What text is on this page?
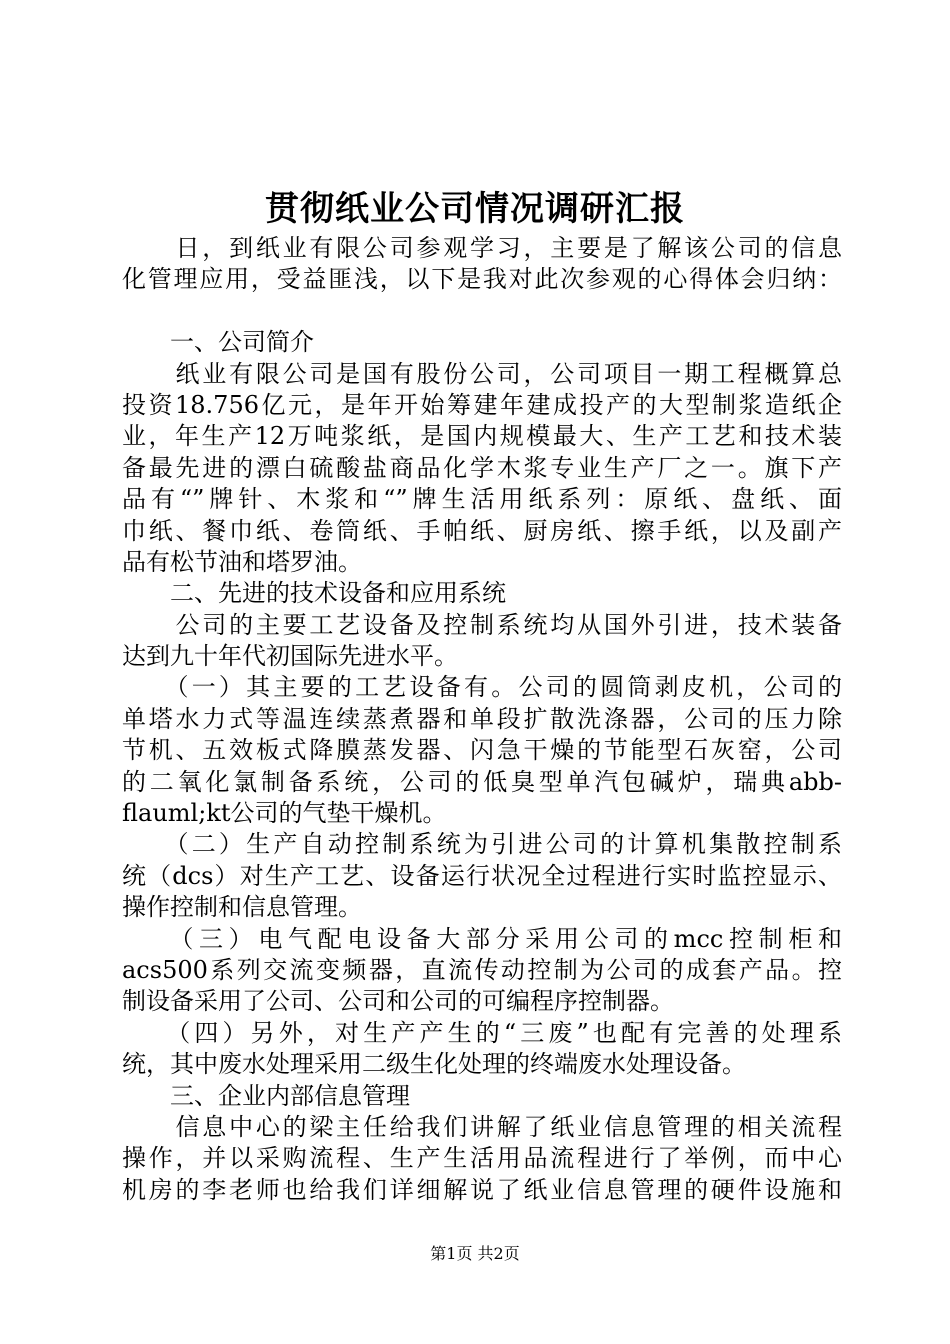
贯彻纸业公司情况调研汇报
　　日，到纸业有限公司参观学习，主要是了解该公司的信息
化管理应用，受益匪浅，以下是我对此次参观的心得体会归纳：
　　一、公司简介
　　纸业有限公司是国有股份公司，公司项目一期工程概算总
投资18.756亿元，是年开始筹建年建成投产的大型制浆造纸企
业，年生产12万吨浆纸，是国内规模最大、生产工艺和技术装
备最先进的漂白硫酸盐商品化学木浆专业生产厂之一。旗下产
品有“”牌针、木浆和“”牌生活用纸系列：原纸、盘纸、面
巾纸、餐巾纸、卷筒纸、手帕纸、厨房纸、擦手纸，以及副产
品有松节油和塔罗油。
　　二、先进的技术设备和应用系统
　　公司的主要工艺设备及控制系统均从国外引进，技术装备
达到九十年代初国际先进水平。
　　（一）其主要的工艺设备有。公司的圆筒剥皮机，公司的
单塔水力式等温连续蒸煮器和单段扩散洗涤器，公司的压力除
节机、五效板式降膜蒸发器、闪急干燥的节能型石灰窑，公司
的二氧化氯制备系统，公司的低臭型单汽包碱炉，瑞典abb-
flauml;kt公司的气垫干燥机。
　　（二）生产自动控制系统为引进公司的计算机集散控制系
统（dcs）对生产工艺、设备运行状况全过程进行实时监控显示、
操作控制和信息管理。
　　（三）电气配电设备大部分采用公司的mcc控制柜和
acs500系列交流变频器，直流传动控制为公司的成套产品。控
制设备采用了公司、公司和公司的可编程序控制器。
　　（四）另外，对生产产生的“三废”也配有完善的处理系
统，其中废水处理采用二级生化处理的终端废水处理设备。
　　三、企业内部信息管理
　　信息中心的梁主任给我们讲解了纸业信息管理的相关流程
操作，并以采购流程、生产生活用品流程进行了举例，而中心
机房的李老师也给我们详细解说了纸业信息管理的硬件设施和
第1页 共2页
